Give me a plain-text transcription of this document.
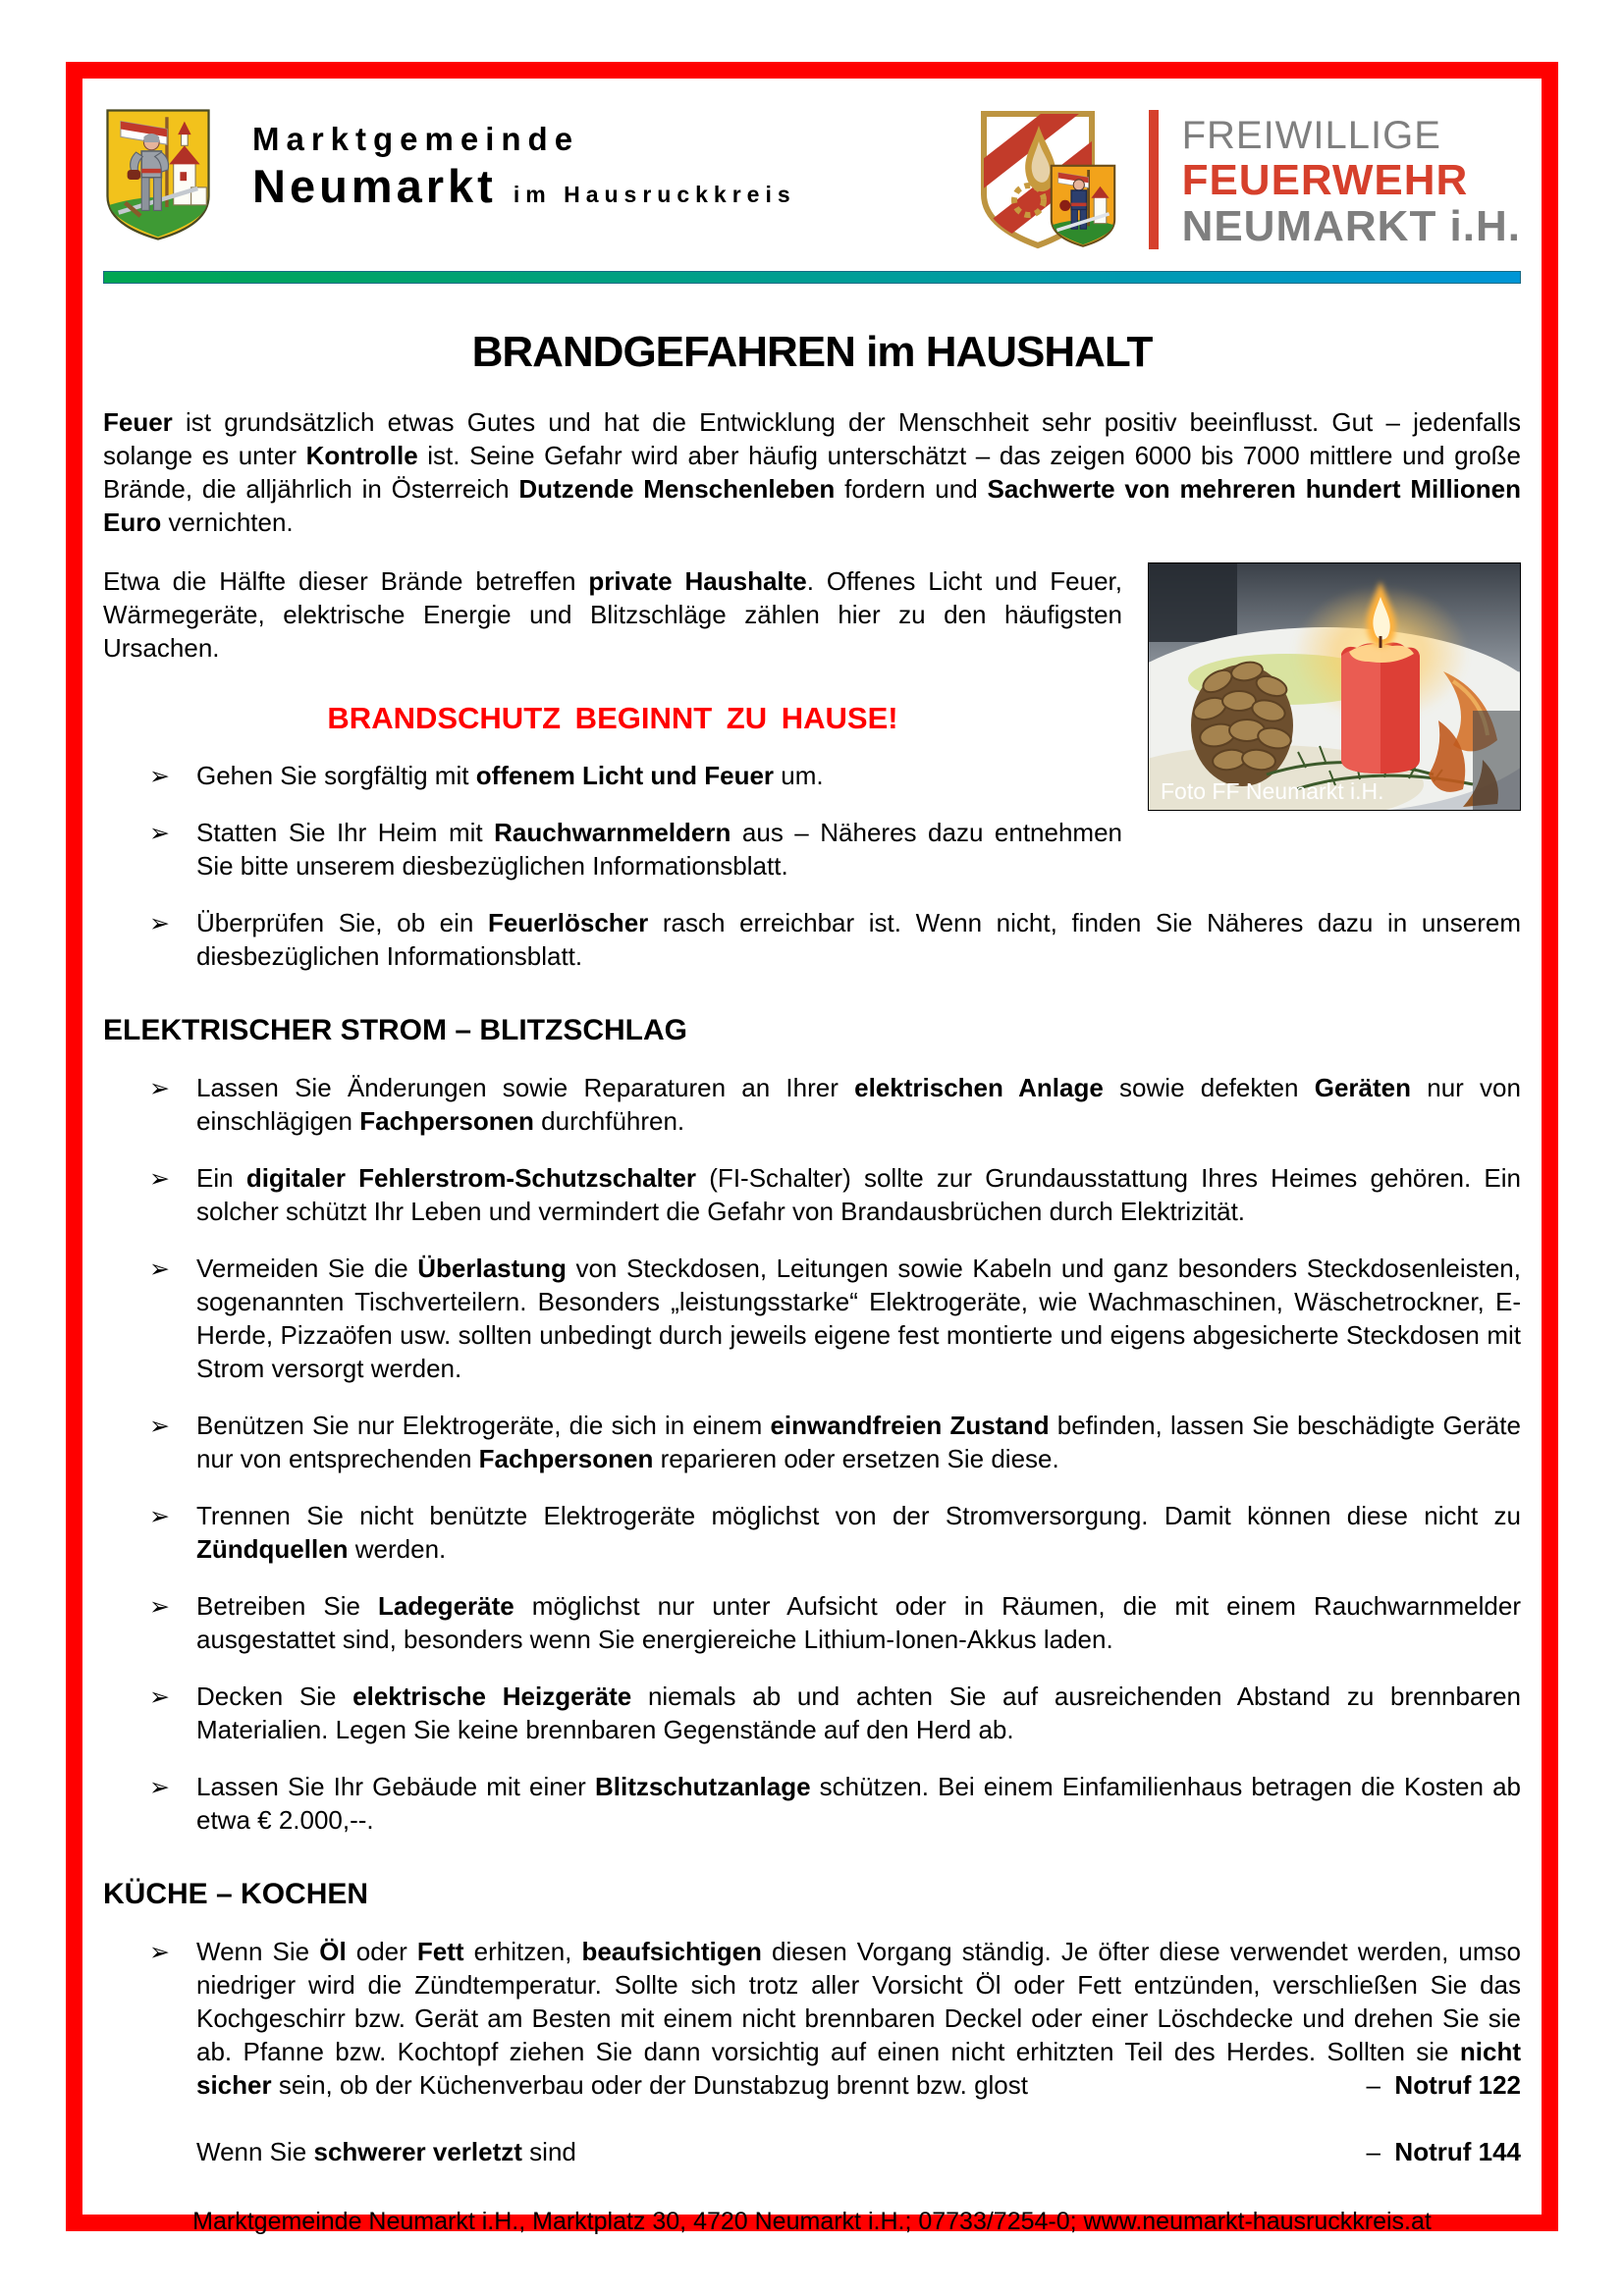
Marktgemeinde
Neumarkt im Hausruckkreis
FREIWILLIGE
FEUERWEHR
NEUMARKT i.H.
BRANDGEFAHREN im HAUSHALT

Feuer ist grundsätzlich etwas Gutes und hat die Entwicklung der Menschheit sehr positiv beeinflusst. Gut – jedenfalls solange es unter Kontrolle ist. Seine Gefahr wird aber häufig unterschätzt – das zeigen 6000 bis 7000 mittlere und große Brände, die alljährlich in Österreich Dutzende Menschenleben fordern und Sachwerte von mehreren hundert Millionen Euro vernichten.

Foto FF Neumarkt i.H.

Etwa die Hälfte dieser Brände betreffen private Haushalte. Offenes Licht und Feuer, Wärmegeräte, elektrische Energie und Blitzschläge zählen hier zu den häufigsten Ursachen.

BRANDSCHUTZ BEGINNT ZU HAUSE!
➢ Gehen Sie sorgfältig mit offenem Licht und Feuer um.
➢ Statten Sie Ihr Heim mit Rauchwarnmeldern aus – Näheres dazu entnehmen Sie bitte unserem diesbezüglichen Informationsblatt.
➢ Überprüfen Sie, ob ein Feuerlöscher rasch erreichbar ist. Wenn nicht, finden Sie Näheres dazu in unserem diesbezüglichen Informationsblatt.
ELEKTRISCHER STROM – BLITZSCHLAG
➢ Lassen Sie Änderungen sowie Reparaturen an Ihrer elektrischen Anlage sowie defekten Geräten nur von einschlägigen Fachpersonen durchführen.
➢ Ein digitaler Fehlerstrom-Schutzschalter (FI-Schalter) sollte zur Grundausstattung Ihres Heimes gehören. Ein solcher schützt Ihr Leben und vermindert die Gefahr von Brandausbrüchen durch Elektrizität.
➢ Vermeiden Sie die Überlastung von Steckdosen, Leitungen sowie Kabeln und ganz besonders Steckdosenleisten, sogenannten Tischverteilern. Besonders „leistungsstarke“ Elektrogeräte, wie Wachmaschinen, Wäschetrockner, E-Herde, Pizzaöfen usw. sollten unbedingt durch jeweils eigene fest montierte und eigens abgesicherte Steckdosen mit Strom versorgt werden.
➢ Benützen Sie nur Elektrogeräte, die sich in einem einwandfreien Zustand befinden, lassen Sie beschädigte Geräte nur von entsprechenden Fachpersonen reparieren oder ersetzen Sie diese.
➢ Trennen Sie nicht benützte Elektrogeräte möglichst von der Stromversorgung. Damit können diese nicht zu Zündquellen werden.
➢ Betreiben Sie Ladegeräte möglichst nur unter Aufsicht oder in Räumen, die mit einem Rauchwarnmelder ausgestattet sind, besonders wenn Sie energiereiche Lithium-Ionen-Akkus laden.
➢ Decken Sie elektrische Heizgeräte niemals ab und achten Sie auf ausreichenden Abstand zu brennbaren Materialien. Legen Sie keine brennbaren Gegenstände auf den Herd ab.
➢ Lassen Sie Ihr Gebäude mit einer Blitzschutzanlage schützen. Bei einem Einfamilienhaus betragen die Kosten ab etwa € 2.000,--.
KÜCHE – KOCHEN
➢ Wenn Sie Öl oder Fett erhitzen, beaufsichtigen diesen Vorgang ständig. Je öfter diese verwendet werden, umso niedriger wird die Zündtemperatur. Sollte sich trotz aller Vorsicht Öl oder Fett entzünden, verschließen Sie das Kochgeschirr bzw. Gerät am Besten mit einem nicht brennbaren Deckel oder einer Löschdecke und drehen Sie sie ab. Pfanne bzw. Kochtopf ziehen Sie dann vorsichtig auf einen nicht erhitzten Teil des Herdes. Sollten sie nicht sicher sein, ob der Küchenverbau oder der Dunstabzug brennt bzw. glost	– Notruf 122
Wenn Sie schwerer verletzt sind	– Notruf 144
Marktgemeinde Neumarkt i.H., Marktplatz 30, 4720 Neumarkt i.H.; 07733/7254-0; www.neumarkt-hausruckkreis.at
